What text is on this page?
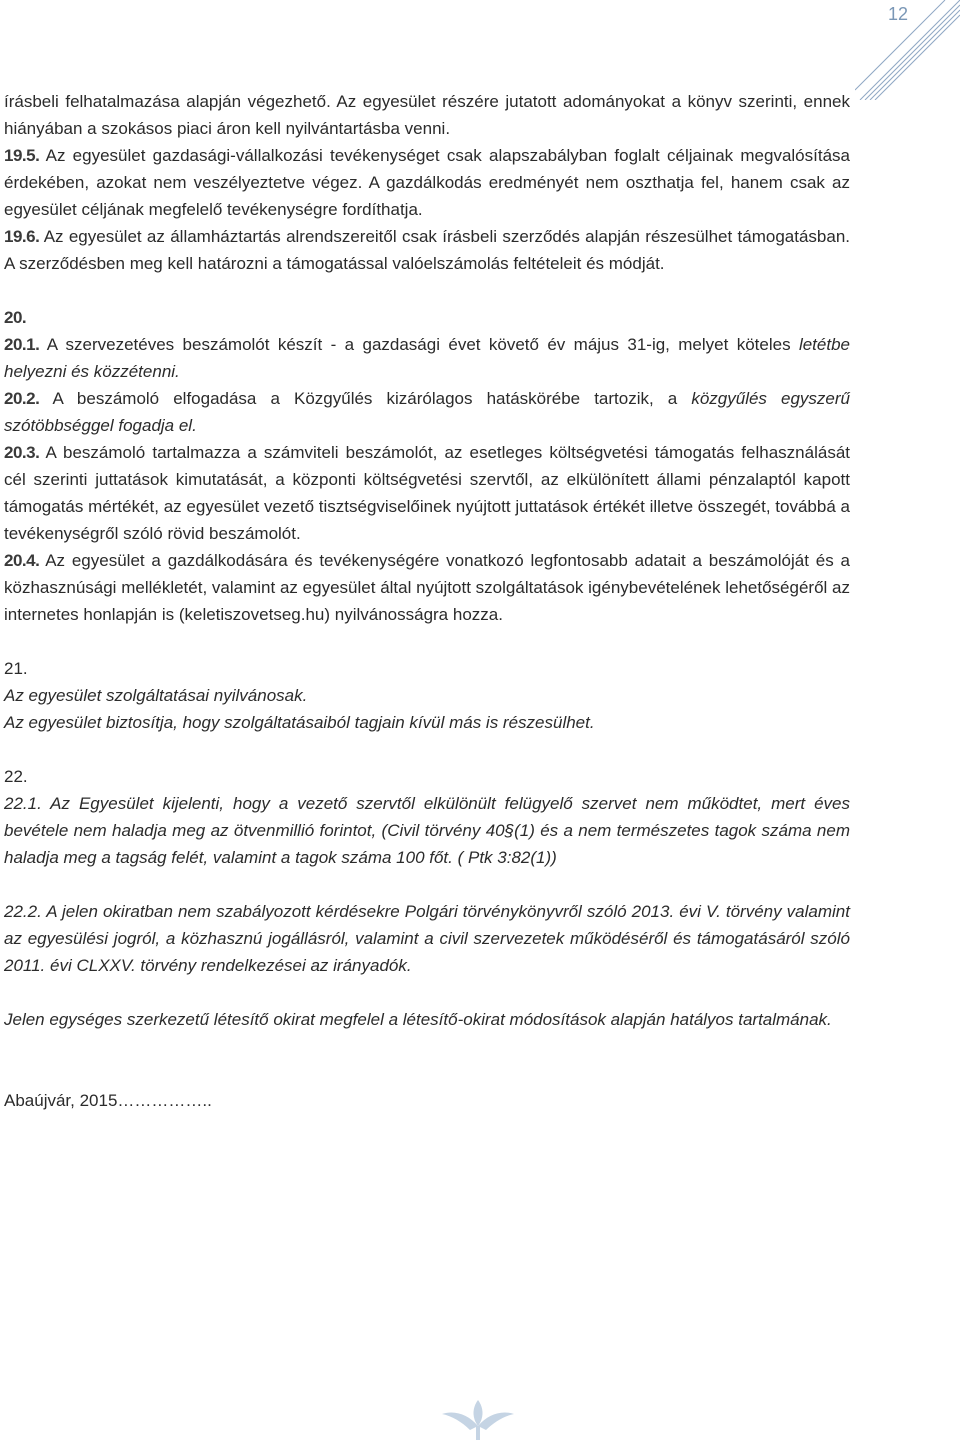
12

írásbeli felhatalmazása alapján végezhető. Az egyesület részére jutatott adományokat a könyv szerinti, ennek hiányában a szokásos piaci áron kell nyilvántartásba venni.

19.5. Az egyesület gazdasági-vállalkozási tevékenységet csak alapszabályban foglalt céljainak megvalósítása érdekében, azokat nem veszélyeztetve végez. A gazdálkodás eredményét nem oszthatja fel, hanem csak az egyesület céljának megfelelő tevékenységre fordíthatja.

19.6. Az egyesület az államháztartás alrendszereitől csak írásbeli szerződés alapján részesülhet támogatásban. A szerződésben meg kell határozni a támogatással valóelszámolás feltételeit és módját.

20.

20.1. A szervezetéves beszámolót készít - a gazdasági évet követő év május 31-ig, melyet köteles letétbe helyezni és közzétenni.

20.2. A beszámoló elfogadása a Közgyűlés kizárólagos hatáskörébe tartozik, a közgyűlés egyszerű szótöbbséggel fogadja el.

20.3. A beszámoló tartalmazza a számviteli beszámolót, az esetleges költségvetési támogatás felhasználását cél szerinti juttatások kimutatását, a központi költségvetési szervtől, az elkülönített állami pénzalaptól kapott támogatás mértékét, az egyesület vezető tisztségviselőinek nyújtott juttatások értékét illetve összegét, továbbá a tevékenységről szóló rövid beszámolót.

20.4. Az egyesület a gazdálkodására és tevékenységére vonatkozó legfontosabb adatait a beszámolóját és a közhasznúsági mellékletét, valamint az egyesület által nyújtott szolgáltatások igénybevételének lehetőségéről az internetes honlapján is (keletiszovetseg.hu) nyilvánosságra hozza.

21.

Az egyesület szolgáltatásai nyilvánosak.

Az egyesület biztosítja, hogy szolgáltatásaiból tagjain kívül más is részesülhet.

22.

22.1. Az Egyesület kijelenti, hogy a vezető szervtől elkülönült felügyelő szervet nem működtet, mert éves bevétele nem haladja meg az ötvenmillió forintot, (Civil törvény 40§(1) és a nem természetes tagok száma nem haladja meg a tagság felét, valamint a tagok száma 100 főt. ( Ptk 3:82(1))

22.2. A jelen okiratban nem szabályozott kérdésekre Polgári törvénykönyvről szóló 2013. évi V. törvény valamint az egyesülési jogról, a közhasznú jogállásról, valamint a civil szervezetek működéséről és támogatásáról szóló 2011. évi CLXXV. törvény rendelkezései az irányadók.

Jelen egységes szerkezetű létesítő okirat megfelel a létesítő-okirat módosítások alapján hatályos tartalmának.

Abaújvár, 2015……………..
